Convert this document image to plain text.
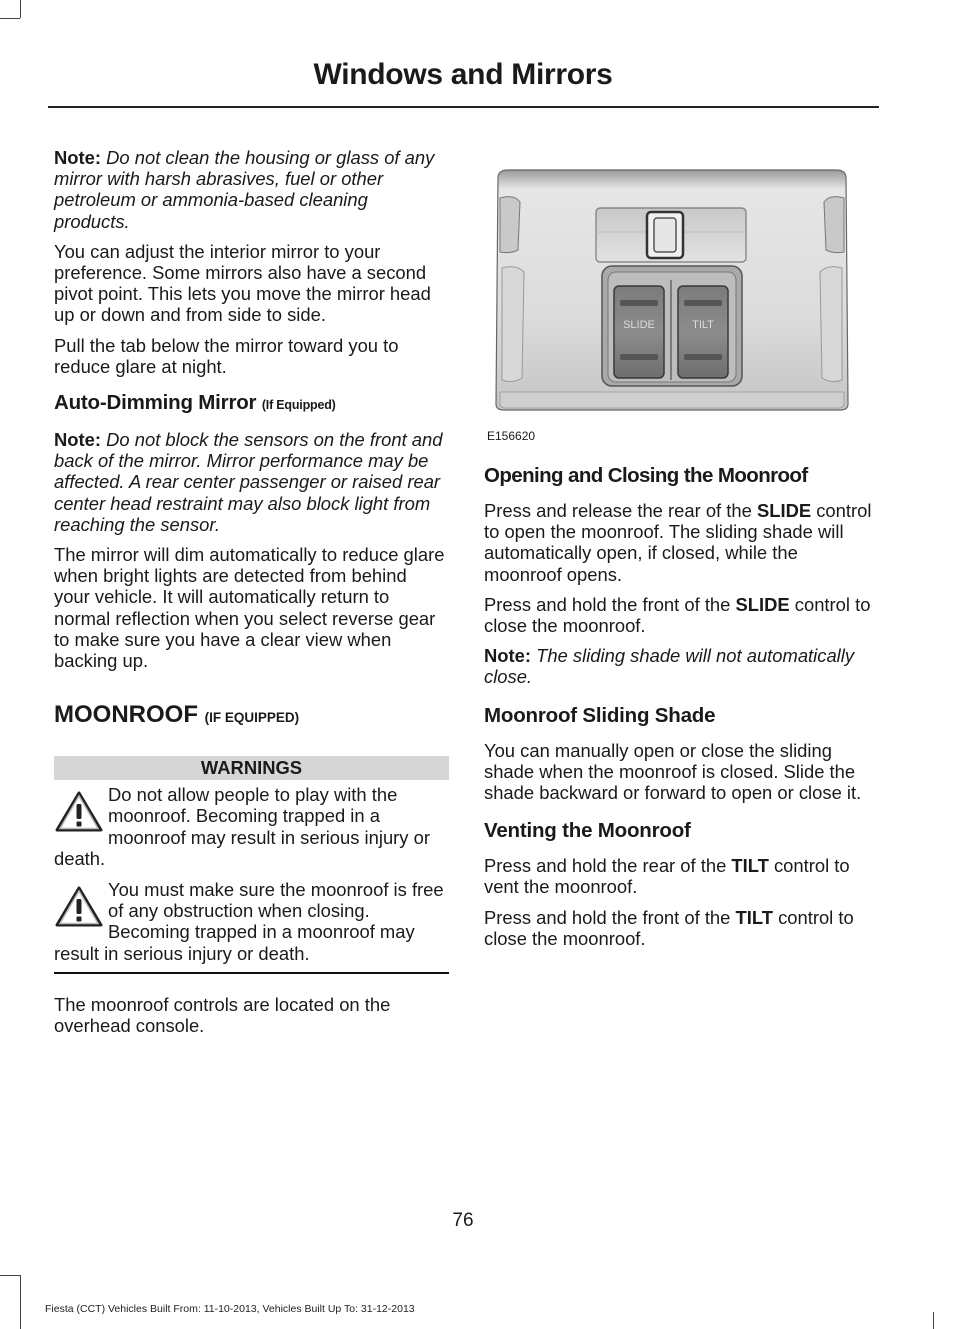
Windows and Mirrors

Note: Do not clean the housing or glass of any mirror with harsh abrasives, fuel or other petroleum or ammonia-based cleaning products.

You can adjust the interior mirror to your preference. Some mirrors also have a second pivot point. This lets you move the mirror head up or down and from side to side.

Pull the tab below the mirror toward you to reduce glare at night.

Auto-Dimming Mirror (If Equipped)

Note: Do not block the sensors on the front and back of the mirror. Mirror performance may be affected. A rear center passenger or raised rear center head restraint may also block light from reaching the sensor.

The mirror will dim automatically to reduce glare when bright lights are detected from behind your vehicle. It will automatically return to normal reflection when you select reverse gear to make sure you have a clear view when backing up.

MOONROOF (IF EQUIPPED)
WARNINGS
Do not allow people to play with the moonroof. Becoming trapped in a moonroof may result in serious injury or death.
You must make sure the moonroof is free of any obstruction when closing. Becoming trapped in a moonroof may result in serious injury or death.

The moonroof controls are located on the overhead console.

SLIDE	TILT
E156620
Opening and Closing the Moonroof

Press and release the rear of the SLIDE control to open the moonroof. The sliding shade will automatically open, if closed, while the moonroof opens.

Press and hold the front of the SLIDE control to close the moonroof.

Note: The sliding shade will not automatically close.

Moonroof Sliding Shade

You can manually open or close the sliding shade when the moonroof is closed. Slide the shade backward or forward to open or close it.

Venting the Moonroof

Press and hold the rear of the TILT control to vent the moonroof.

Press and hold the front of the TILT control to close the moonroof.

76
Fiesta (CCT) Vehicles Built From: 11-10-2013, Vehicles Built Up To: 31-12-2013
